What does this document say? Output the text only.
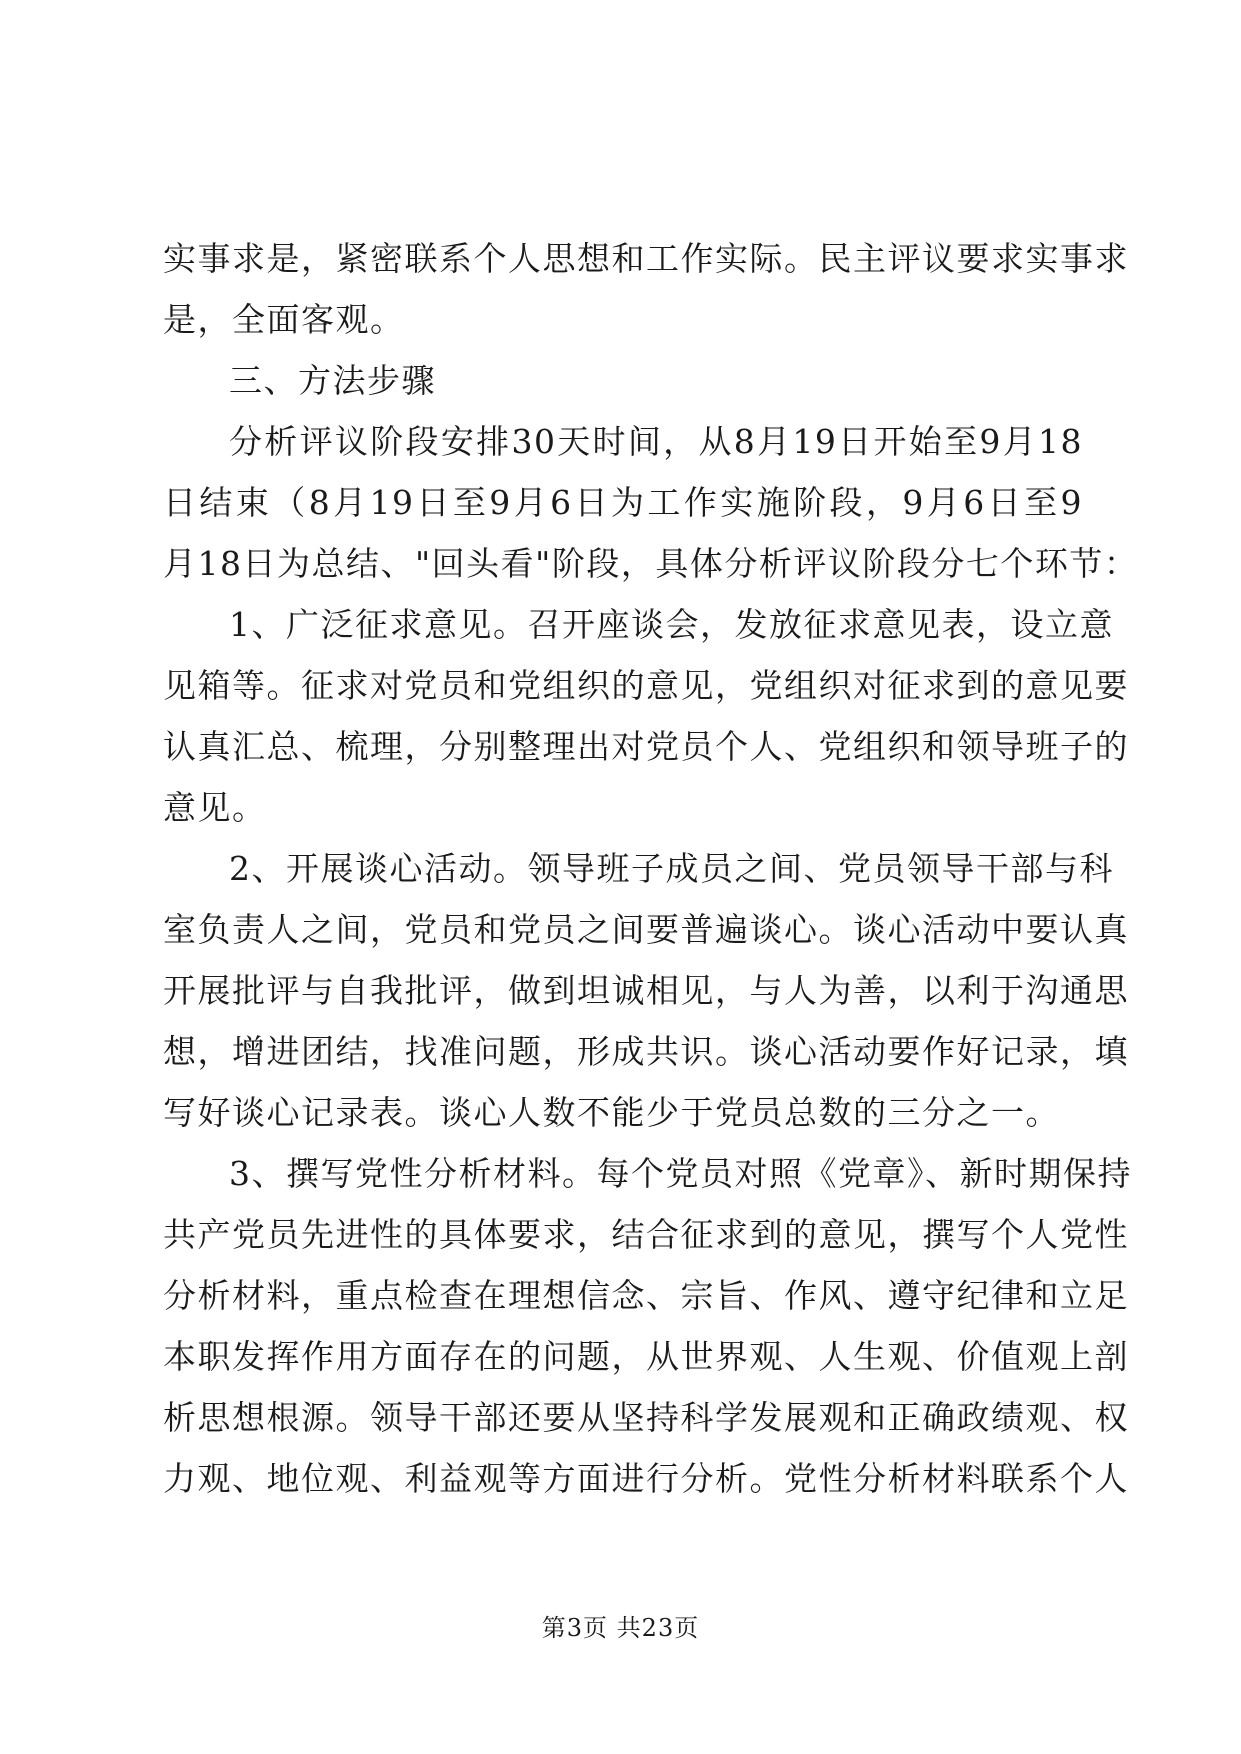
实事求是，紧密联系个人思想和工作实际。民主评议要求实事求
是，全面客观。
三、方法步骤
分析评议阶段安排30天时间，从8月19日开始至9月18
日结束（8月19日至9月6日为工作实施阶段，9月6日至9
月18日为总结、"回头看"阶段，具体分析评议阶段分七个环节：
1、广泛征求意见。召开座谈会，发放征求意见表，设立意
见箱等。征求对党员和党组织的意见，党组织对征求到的意见要
认真汇总、梳理，分别整理出对党员个人、党组织和领导班子的
意见。
2、开展谈心活动。领导班子成员之间、党员领导干部与科
室负责人之间，党员和党员之间要普遍谈心。谈心活动中要认真
开展批评与自我批评，做到坦诚相见，与人为善，以利于沟通思
想，增进团结，找准问题，形成共识。谈心活动要作好记录，填
写好谈心记录表。谈心人数不能少于党员总数的三分之一。
3、撰写党性分析材料。每个党员对照《党章》、新时期保持
共产党员先进性的具体要求，结合征求到的意见，撰写个人党性
分析材料，重点检查在理想信念、宗旨、作风、遵守纪律和立足
本职发挥作用方面存在的问题，从世界观、人生观、价值观上剖
析思想根源。领导干部还要从坚持科学发展观和正确政绩观、权
力观、地位观、利益观等方面进行分析。党性分析材料联系个人
第3页 共23页
